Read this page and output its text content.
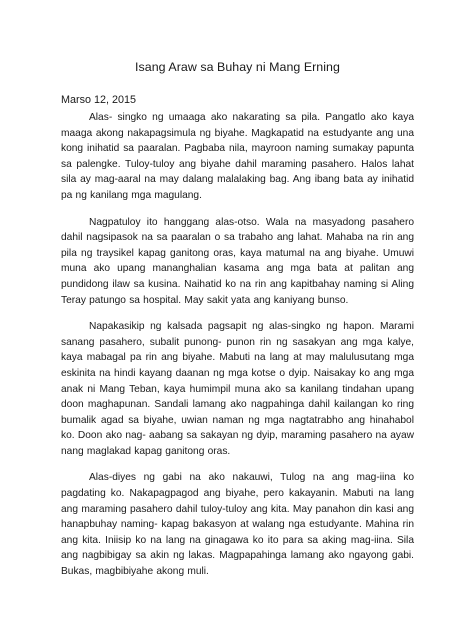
Isang Araw sa Buhay ni Mang Erning

Marso 12, 2015

Alas- singko ng umaaga ako nakarating sa pila. Pangatlo ako kaya maaga akong nakapagsimula ng biyahe. Magkapatid na estudyante ang una kong inihatid sa paaralan. Pagbaba nila, mayroon naming sumakay papunta sa palengke. Tuloy-tuloy ang biyahe dahil maraming pasahero. Halos lahat sila ay mag-aaral na may dalang malalaking bag. Ang ibang bata ay inihatid pa ng kanilang mga magulang.

Nagpatuloy ito hanggang alas-otso. Wala na masyadong pasahero dahil nagsipasok na sa paaralan o sa trabaho ang lahat. Mahaba na rin ang pila ng traysikel kapag ganitong oras, kaya matumal na ang biyahe. Umuwi muna ako upang mananghalian kasama ang mga bata at palitan ang pundidong ilaw sa kusina. Naihatid ko na rin ang kapitbahay naming si Aling Teray patungo sa hospital. May sakit yata ang kaniyang bunso.

Napakasikip ng kalsada pagsapit ng alas-singko ng hapon. Marami sanang pasahero, subalit punong- punon rin ng sasakyan ang mga kalye, kaya mabagal pa rin ang biyahe. Mabuti na lang at may malulusutang mga eskinita na hindi kayang daanan ng mga kotse o dyip. Naisakay ko ang mga anak ni Mang Teban, kaya humimpil muna ako sa kanilang tindahan upang doon maghapunan. Sandali lamang ako nagpahinga dahil kailangan ko ring bumalik agad sa biyahe, uwian naman ng mga nagtatrabho ang hinahabol ko. Doon ako nag- aabang sa sakayan ng dyip, maraming pasahero na ayaw nang maglakad kapag ganitong oras.

Alas-diyes ng gabi na ako nakauwi, Tulog na ang mag-iina ko pagdating ko. Nakapagpagod ang biyahe, pero kakayanin. Mabuti na lang ang maraming pasahero dahil tuloy-tuloy ang kita. May panahon din kasi ang hanapbuhay naming- kapag bakasyon at walang nga estudyante. Mahina rin ang kita. Iniisip ko na lang na ginagawa ko ito para sa aking mag-iina. Sila ang nagbibigay sa akin ng lakas. Magpapahinga lamang ako ngayong gabi. Bukas, magbibiyahe akong muli.
